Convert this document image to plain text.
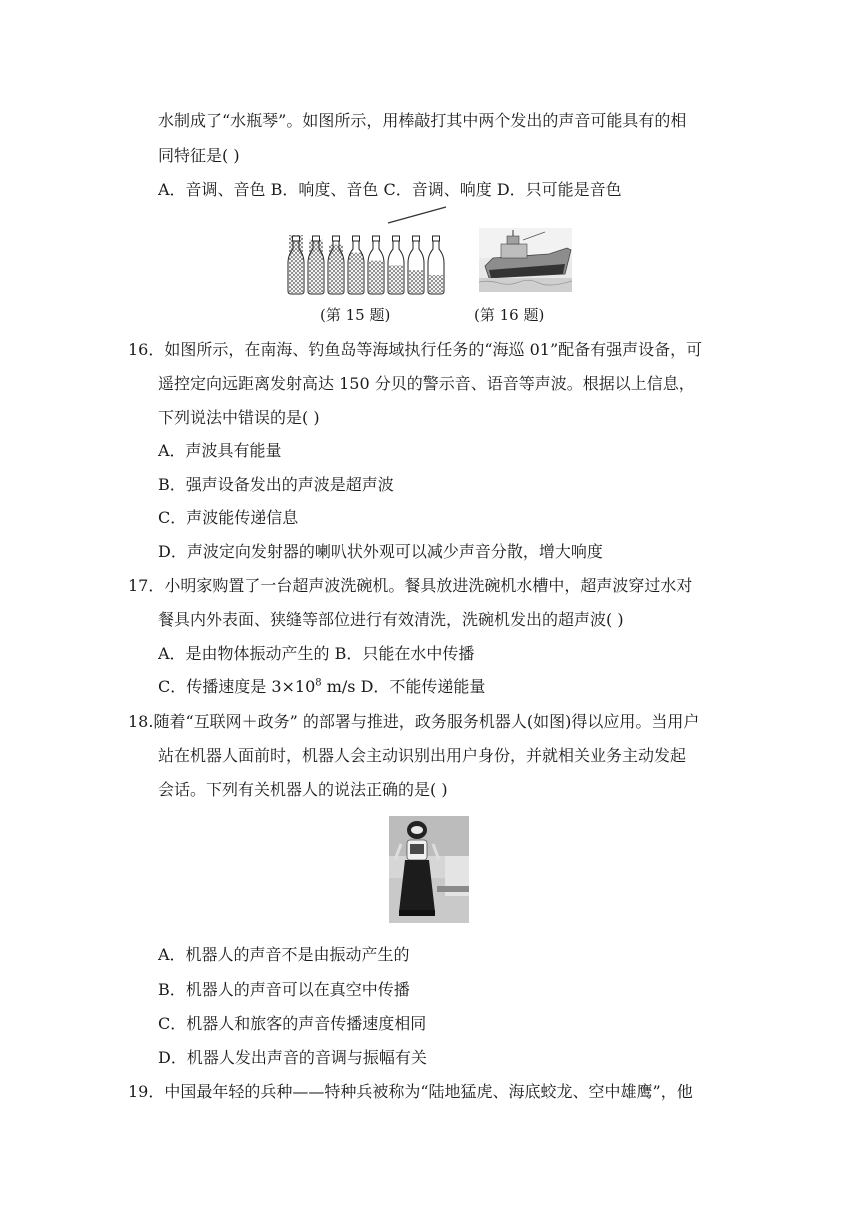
水制成了“水瓶琴”。如图所示，用棒敲打其中两个发出的声音可能具有的相
同特征是( )
A．音调、音色 B．响度、音色 C．音调、响度 D．只可能是音色
(第 15 题)	(第 16 题)
16．如图所示，在南海、钓鱼岛等海域执行任务的“海巡 01”配备有强声设备，可
遥控定向远距离发射高达 150 分贝的警示音、语音等声波。根据以上信息，
下列说法中错误的是( )
A．声波具有能量
B．强声设备发出的声波是超声波
C．声波能传递信息
D．声波定向发射器的喇叭状外观可以减少声音分散，增大响度
17．小明家购置了一台超声波洗碗机。餐具放进洗碗机水槽中，超声波穿过水对
餐具内外表面、狭缝等部位进行有效清洗，洗碗机发出的超声波( )
A．是由物体振动产生的 B．只能在水中传播
C．传播速度是 $3\times 10^8$ m/s D．不能传递能量
18.随着“互联网＋政务” 的部署与推进，政务服务机器人(如图)得以应用。当用户
站在机器人面前时，机器人会主动识别出用户身份，并就相关业务主动发起
会话。下列有关机器人的说法正确的是( )
A．机器人的声音不是由振动产生的
B．机器人的声音可以在真空中传播
C．机器人和旅客的声音传播速度相同
D．机器人发出声音的音调与振幅有关
19．中国最年轻的兵种——特种兵被称为“陆地猛虎、海底蛟龙、空中雄鹰”，他
